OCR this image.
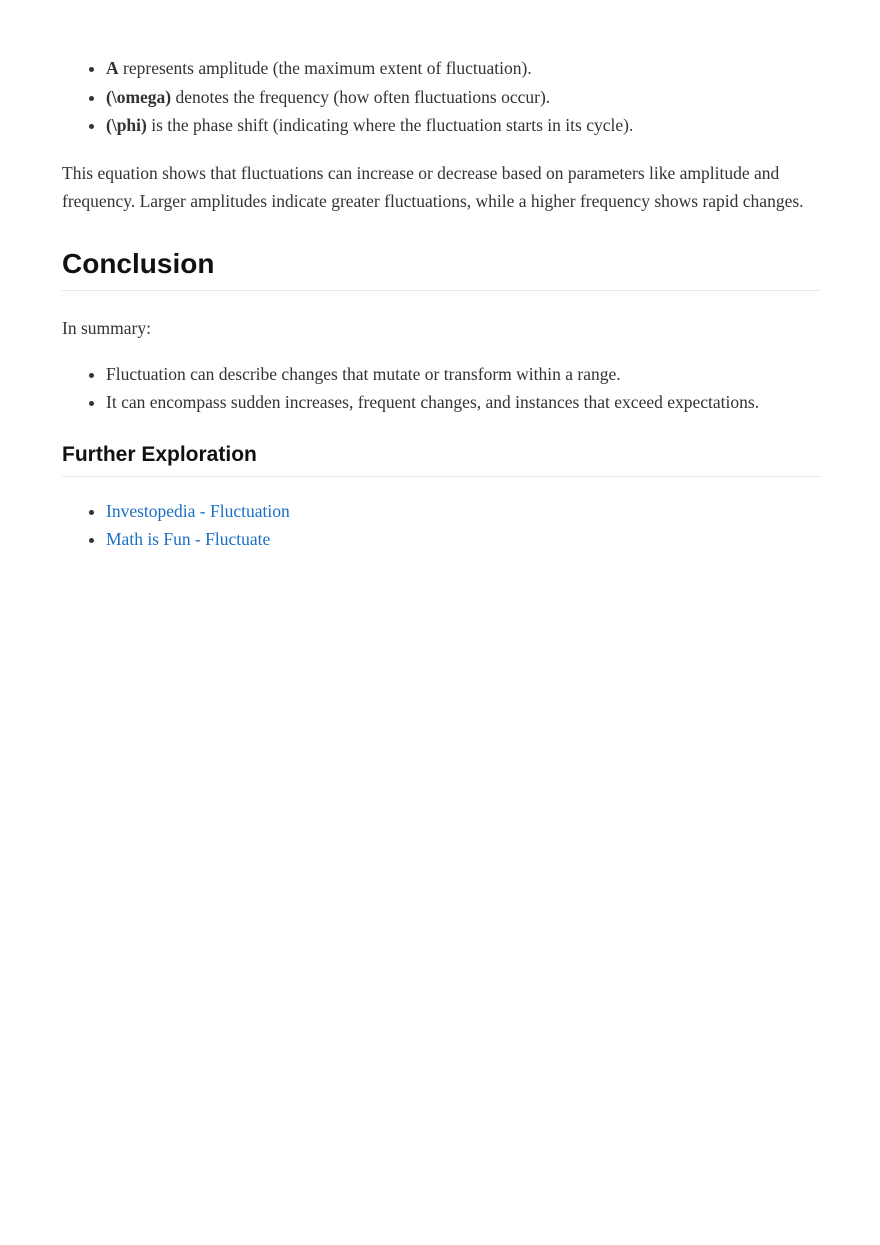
• A represents amplitude (the maximum extent of fluctuation).
• (\omega) denotes the frequency (how often fluctuations occur).
• (\phi) is the phase shift (indicating where the fluctuation starts in its cycle).

This equation shows that fluctuations can increase or decrease based on parameters like amplitude and frequency. Larger amplitudes indicate greater fluctuations, while a higher frequency shows rapid changes.

Conclusion

In summary:

• Fluctuation can describe changes that mutate or transform within a range.
• It can encompass sudden increases, frequent changes, and instances that exceed expectations.
Further Exploration
• Investopedia - Fluctuation
• Math is Fun - Fluctuate
